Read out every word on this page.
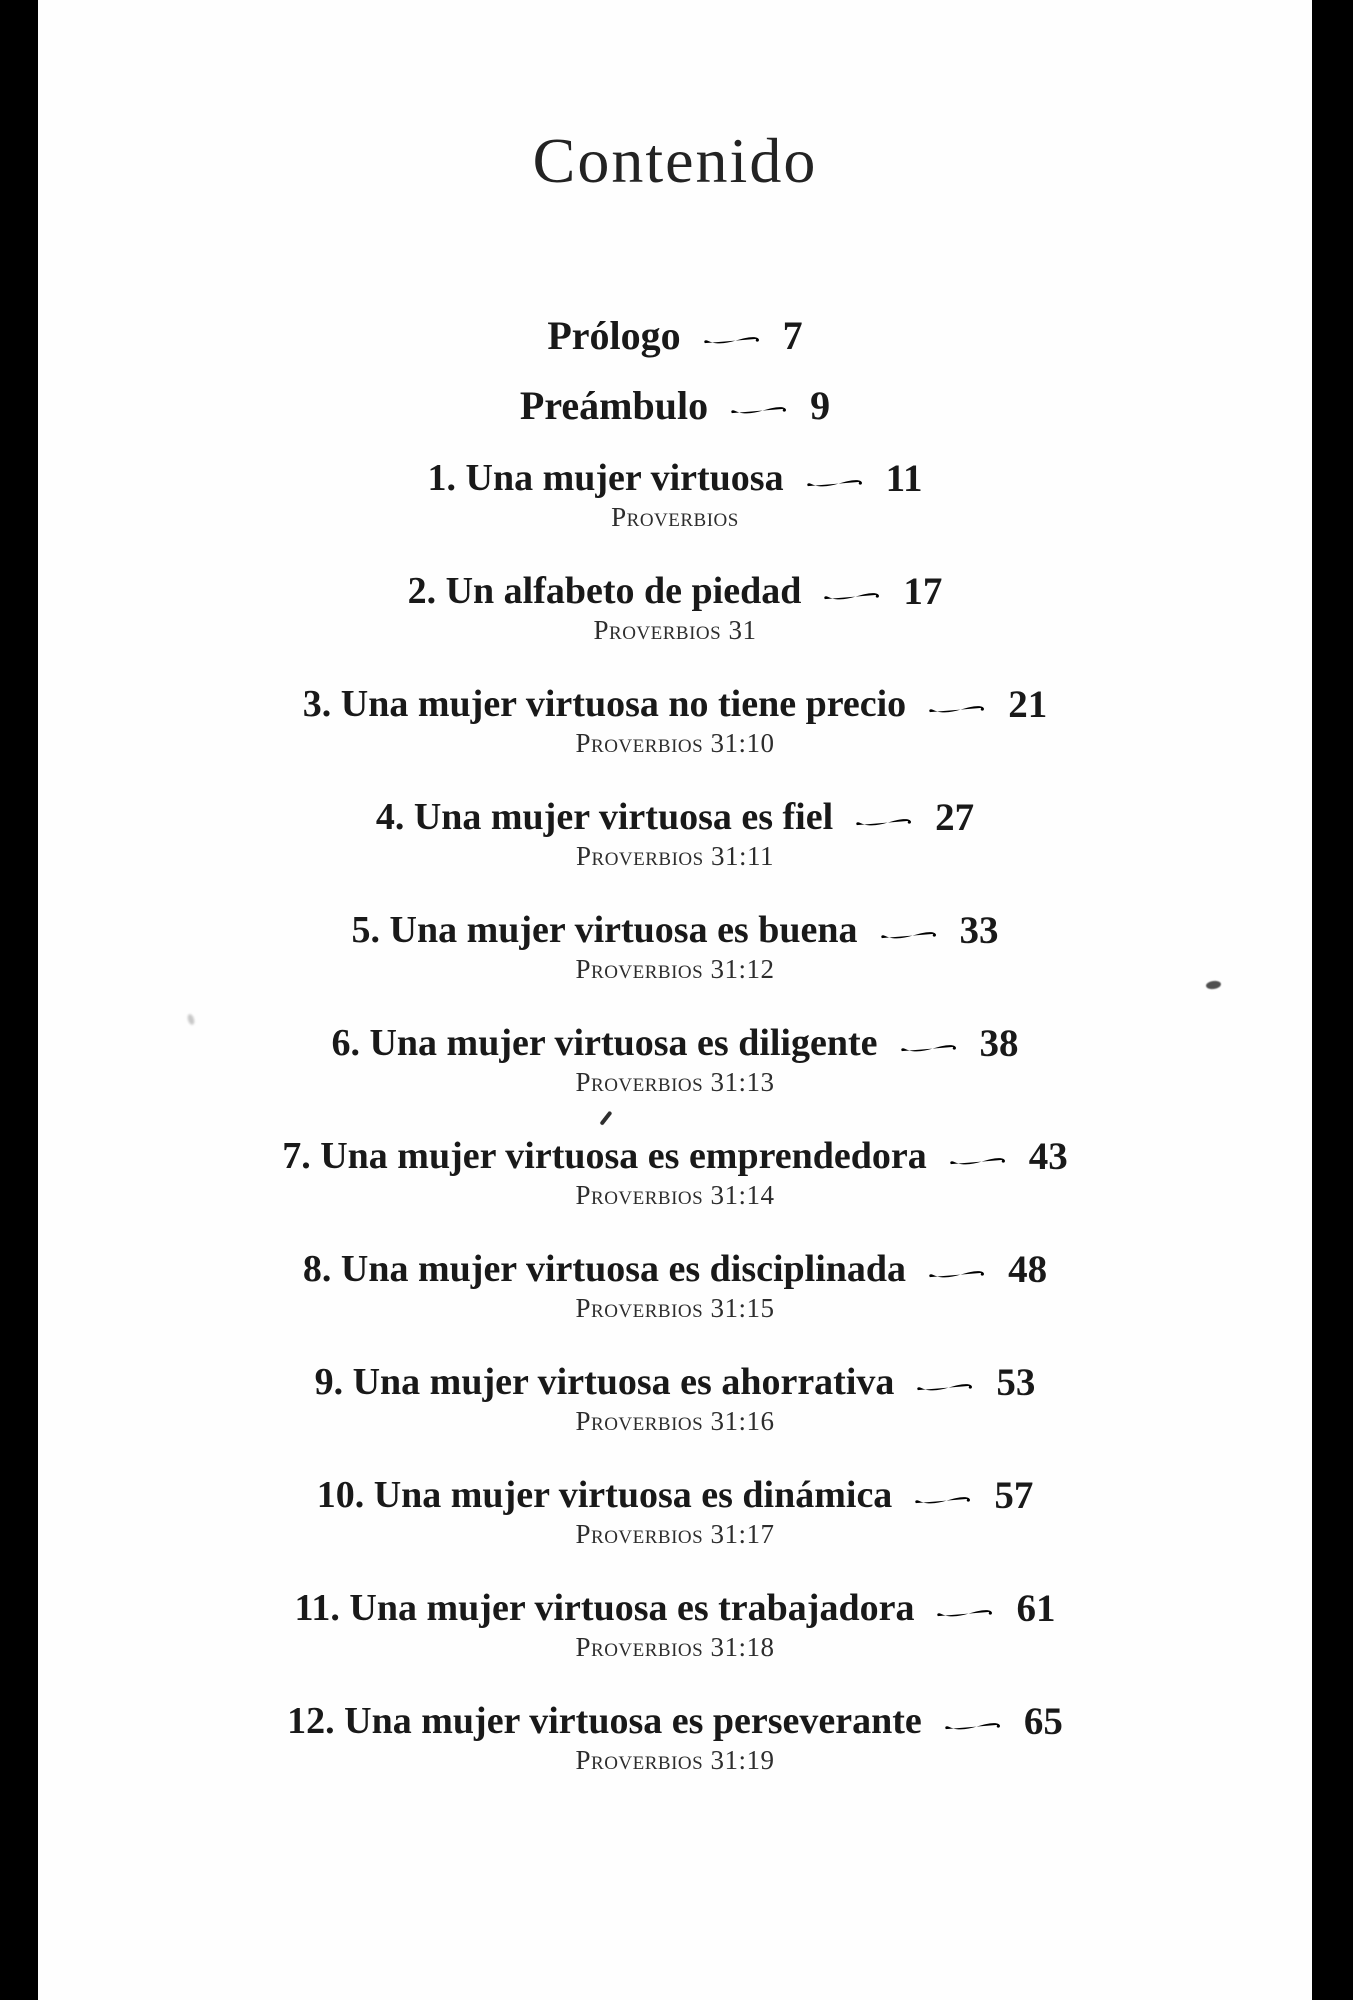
Contenido
Prólogo	7
Preámbulo	9
1. Una mujer virtuosa	11
Proverbios
2. Un alfabeto de piedad	17
Proverbios 31
3. Una mujer virtuosa no tiene precio	21
Proverbios 31:10
4. Una mujer virtuosa es fiel	27
Proverbios 31:11
5. Una mujer virtuosa es buena	33
Proverbios 31:12
6. Una mujer virtuosa es diligente	38
Proverbios 31:13
7. Una mujer virtuosa es emprendedora	43
Proverbios 31:14
8. Una mujer virtuosa es disciplinada	48
Proverbios 31:15
9. Una mujer virtuosa es ahorrativa	53
Proverbios 31:16
10. Una mujer virtuosa es dinámica	57
Proverbios 31:17
11. Una mujer virtuosa es trabajadora	61
Proverbios 31:18
12. Una mujer virtuosa es perseverante	65
Proverbios 31:19
